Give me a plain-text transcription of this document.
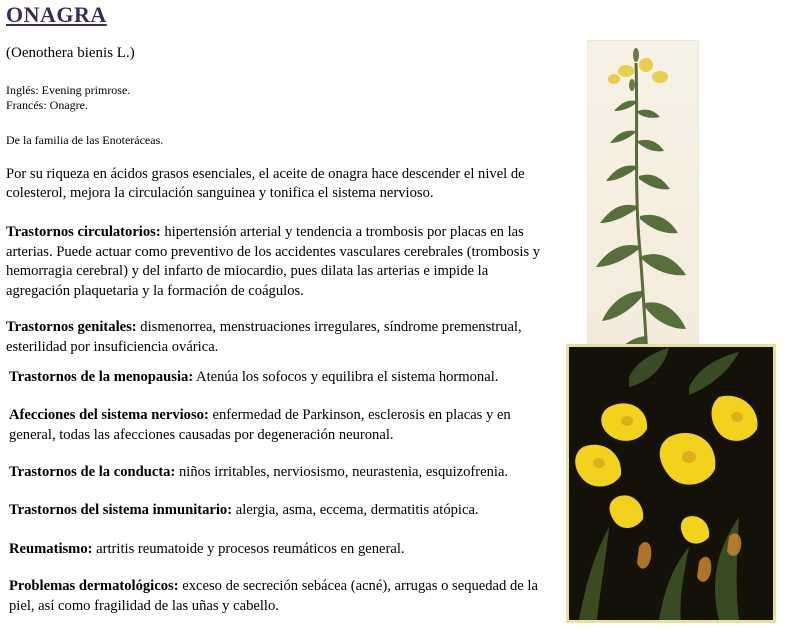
ONAGRA

(Oenothera bienis L.)

Inglés: Evening primrose.
Francés: Onagre.

De la familia de las Enoteráceas.

Por su riqueza en ácidos grasos esenciales, el aceite de onagra hace descender el nivel de colesterol, mejora la circulación sanguinea y tonifica el sistema nervioso.

Trastornos circulatorios: hipertensión arterial y tendencia a trombosis por placas en las arterias. Puede actuar como preventivo de los accidentes vasculares cerebrales (trombosis y hemorragia cerebral) y del infarto de miocardio, pues dilata las arterias e impide la agregación plaquetaria y la formación de coágulos.

Trastornos genitales: dismenorrea, menstruaciones irregulares, síndrome premenstrual, esterilidad por insuficiencia ovárica.

Trastornos de la menopausia: Atenúa los sofocos y equilibra el sistema hormonal.

Afecciones del sistema nervioso: enfermedad de Parkinson, esclerosis en placas y en general, todas las afecciones causadas por degeneración neuronal.

Trastornos de la conducta: niños irritables, nerviosismo, neurastenia, esquizofrenia.

Trastornos del sistema inmunitario: alergia, asma, eccema, dermatitis atópica.

Reumatismo: artritis reumatoide y procesos reumáticos en general.

Problemas dermatológicos: exceso de secreción sebácea (acné), arrugas o sequedad de la piel, así como fragilidad de las uñas y cabello.
